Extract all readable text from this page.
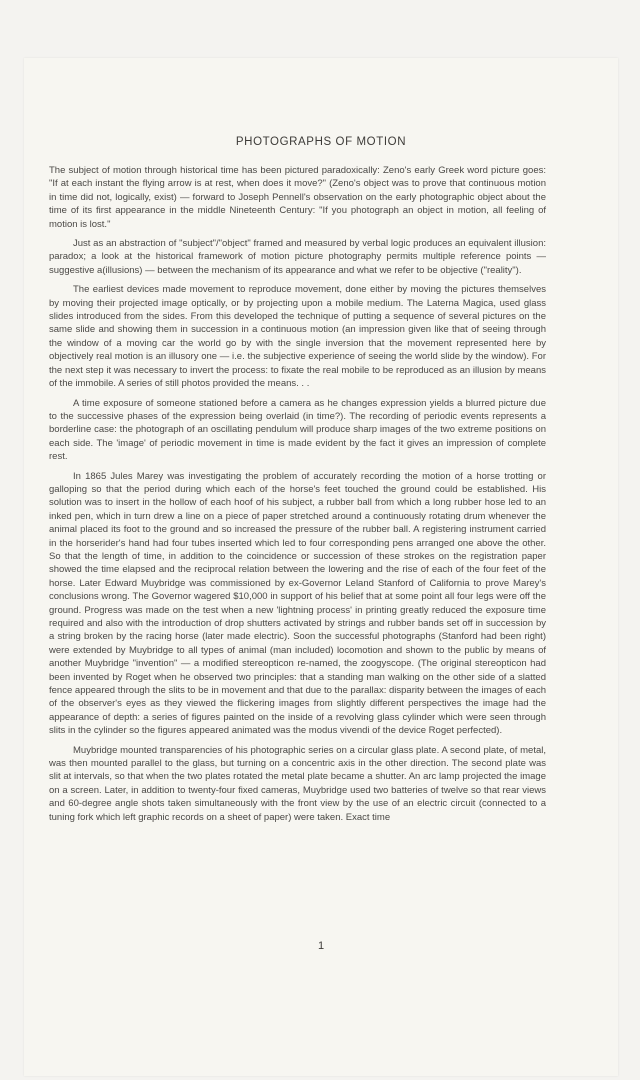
PHOTOGRAPHS OF MOTION

The subject of motion through historical time has been pictured paradoxically: Zeno's early Greek word picture goes: "If at each instant the flying arrow is at rest, when does it move?" (Zeno's object was to prove that continuous motion in time did not, logically, exist) — forward to Joseph Pennell's observation on the early photographic object about the time of its first appearance in the middle Nineteenth Century: "If you photograph an object in motion, all feeling of motion is lost."

Just as an abstraction of "subject"/"object" framed and measured by verbal logic produces an equivalent illusion: paradox; a look at the historical framework of motion picture photography permits multiple reference points — suggestive a(illusions) — between the mechanism of its appearance and what we refer to be objective ("reality").

The earliest devices made movement to reproduce movement, done either by moving the pictures themselves by moving their projected image optically, or by projecting upon a mobile medium. The Laterna Magica, used glass slides introduced from the sides. From this developed the technique of putting a sequence of several pictures on the same slide and showing them in succession in a continuous motion (an impression given like that of seeing through the window of a moving car the world go by with the single inversion that the movement represented here by objectively real motion is an illusory one — i.e. the subjective experience of seeing the world slide by the window). For the next step it was necessary to invert the process: to fixate the real mobile to be reproduced as an illusion by means of the immobile. A series of still photos provided the means. . .

A time exposure of someone stationed before a camera as he changes expression yields a blurred picture due to the successive phases of the expression being overlaid (in time?). The recording of periodic events represents a borderline case: the photograph of an oscillating pendulum will produce sharp images of the two extreme positions on each side. The 'image' of periodic movement in time is made evident by the fact it gives an impression of complete rest.

In 1865 Jules Marey was investigating the problem of accurately recording the motion of a horse trotting or galloping so that the period during which each of the horse's feet touched the ground could be established. His solution was to insert in the hollow of each hoof of his subject, a rubber ball from which a long rubber hose led to an inked pen, which in turn drew a line on a piece of paper stretched around a continuously rotating drum whenever the animal placed its foot to the ground and so increased the pressure of the rubber ball. A registering instrument carried in the horserider's hand had four tubes inserted which led to four corresponding pens arranged one above the other. So that the length of time, in addition to the coincidence or succession of these strokes on the registration paper showed the time elapsed and the reciprocal relation between the lowering and the rise of each of the four feet of the horse. Later Edward Muybridge was commissioned by ex-Governor Leland Stanford of California to prove Marey's conclusions wrong. The Governor wagered $10,000 in support of his belief that at some point all four legs were off the ground. Progress was made on the test when a new 'lightning process' in printing greatly reduced the exposure time required and also with the introduction of drop shutters activated by strings and rubber bands set off in succession by a string broken by the racing horse (later made electric). Soon the successful photographs (Stanford had been right) were extended by Muybridge to all types of animal (man included) locomotion and shown to the public by means of another Muybridge "invention" — a modified stereopticon re-named, the zoogyscope. (The original stereopticon had been invented by Roget when he observed two principles: that a standing man walking on the other side of a slatted fence appeared through the slits to be in movement and that due to the parallax: disparity between the images of each of the observer's eyes as they viewed the flickering images from slightly different perspectives the image had the appearance of depth: a series of figures painted on the inside of a revolving glass cylinder which were seen through slits in the cylinder so the figures appeared animated was the modus vivendi of the device Roget perfected).

Muybridge mounted transparencies of his photographic series on a circular glass plate. A second plate, of metal, was then mounted parallel to the glass, but turning on a concentric axis in the other direction. The second plate was slit at intervals, so that when the two plates rotated the metal plate became a shutter. An arc lamp projected the image on a screen. Later, in addition to twenty-four fixed cameras, Muybridge used two batteries of twelve so that rear views and 60-degree angle shots taken simultaneously with the front view by the use of an electric circuit (connected to a tuning fork which left graphic records on a sheet of paper) were taken. Exact time

1
